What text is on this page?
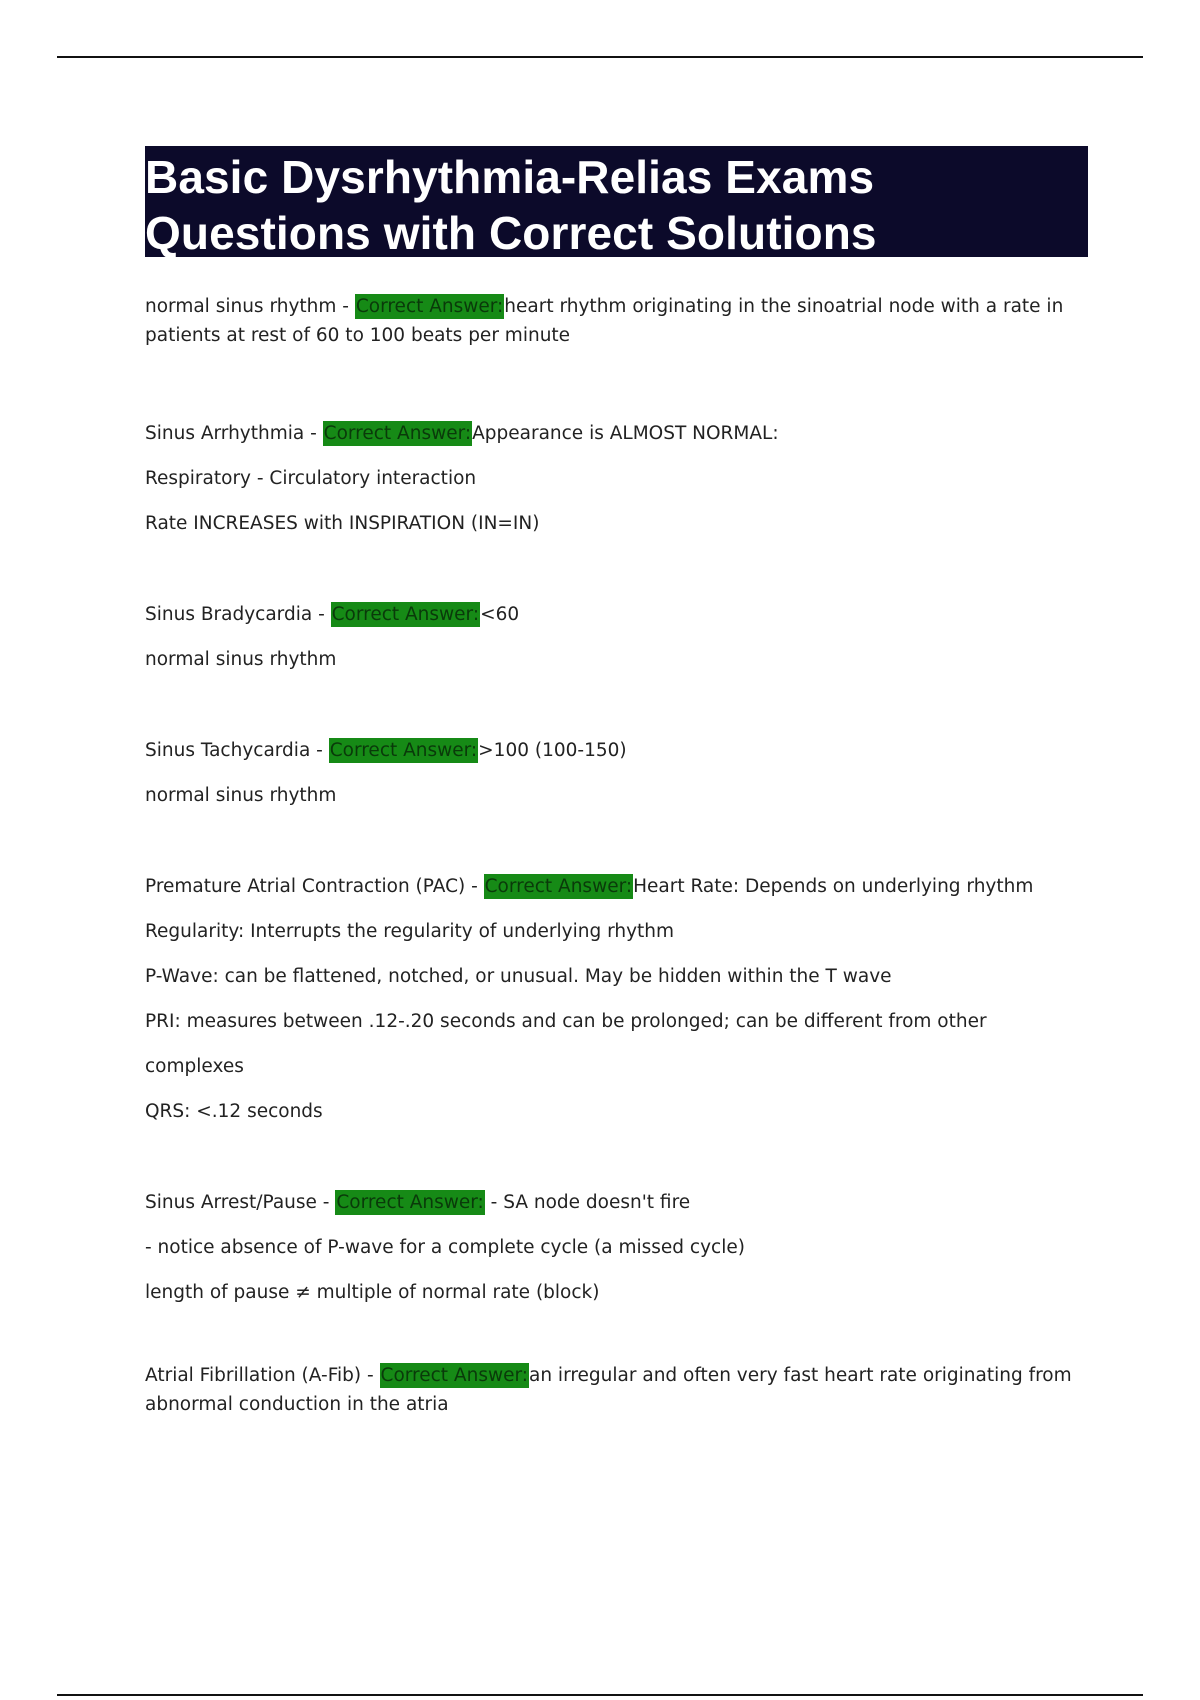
Basic Dysrhythmia-Relias Exams
Questions with Correct Solutions

normal sinus rhythm - Correct Answer:heart rhythm originating in the sinoatrial node with a rate in patients at rest of 60 to 100 beats per minute

Sinus Arrhythmia - Correct Answer:Appearance is ALMOST NORMAL:

Respiratory - Circulatory interaction

Rate INCREASES with INSPIRATION (IN=IN)

Sinus Bradycardia - Correct Answer:<60

normal sinus rhythm

Sinus Tachycardia - Correct Answer:>100 (100-150)

normal sinus rhythm

Premature Atrial Contraction (PAC) - Correct Answer:Heart Rate: Depends on underlying rhythm

Regularity: Interrupts the regularity of underlying rhythm

P-Wave: can be flattened, notched, or unusual. May be hidden within the T wave

PRI: measures between .12-.20 seconds and can be prolonged; can be different from other complexes

QRS: <.12 seconds

Sinus Arrest/Pause - Correct Answer: - SA node doesn't fire

- notice absence of P-wave for a complete cycle (a missed cycle)

length of pause ≠ multiple of normal rate (block)

Atrial Fibrillation (A-Fib) - Correct Answer:an irregular and often very fast heart rate originating from abnormal conduction in the atria
